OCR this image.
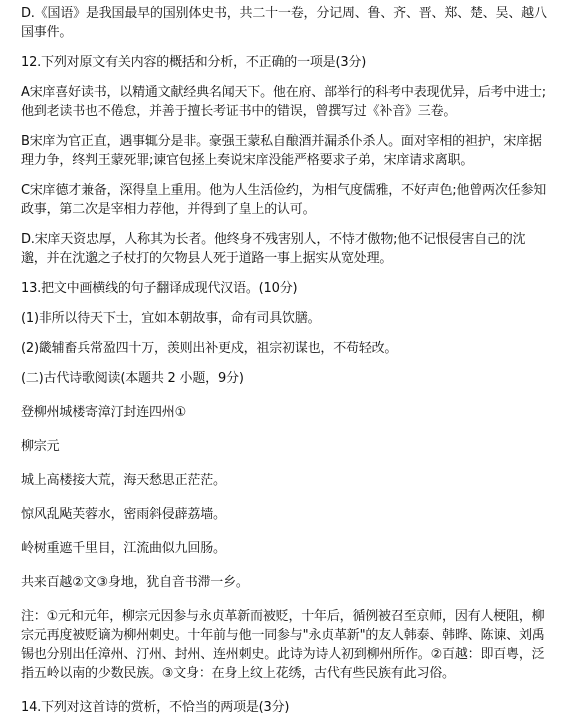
D.《国语》是我国最早的国别体史书，共二十一卷，分记周、鲁、齐、晋、郑、楚、吴、越八国事件。

12.下列对原文有关内容的概括和分析，不正确的一项是(3分)

A宋庠喜好读书，以精通文献经典名闻天下。他在府、部举行的科考中表现优异，后考中进士;他到老读书也不倦怠，并善于擅长考证书中的错误，曾撰写过《补音》三卷。

B宋庠为官正直，遇事辄分是非。豪强王蒙私自酿酒并漏杀仆杀人。面对宰相的袒护，宋庠据理力争，终判王蒙死罪;谏官包拯上奏说宋庠没能严格要求子弟，宋庠请求离职。

C宋庠德才兼备，深得皇上重用。他为人生活俭约，为相气度儒雅，不好声色;他曾两次任参知政事，第二次是宰相力荐他，并得到了皇上的认可。

D.宋庠天资忠厚，人称其为长者。他终身不残害别人，不恃才傲物;他不记恨侵害自己的沈邈，并在沈邈之子杖打的欠物县人死于道路一事上据实从宽处理。

13.把文中画横线的句子翻译成现代汉语。(10分)

(1)非所以待天下士，宜如本朝故事，命有司具饮膳。

(2)畿辅畜兵常盈四十万，羡则出补更戍，祖宗初谋也，不苟轻改。

(二)古代诗歌阅读(本题共 2 小题，9分)

登柳州城楼寄漳汀封连四州①

柳宗元

城上高楼接大荒，海天愁思正茫茫。

惊风乱飐芙蓉水，密雨斜侵薜荔墙。

岭树重遮千里目，江流曲似九回肠。

共来百越②文③身地，犹自音书滞一乡。

注：①元和元年，柳宗元因参与永贞革新而被贬，十年后，循例被召至京师，因有人梗阻，柳宗元再度被贬谪为柳州刺史。十年前与他一同参与"永贞革新"的友人韩泰、韩晔、陈谏、刘禹锡也分别出任漳州、汀州、封州、连州刺史。此诗为诗人初到柳州所作。②百越：即百粤，泛指五岭以南的少数民族。③文身：在身上纹上花绣，古代有些民族有此习俗。

14.下列对这首诗的赏析，不恰当的两项是(3分)
